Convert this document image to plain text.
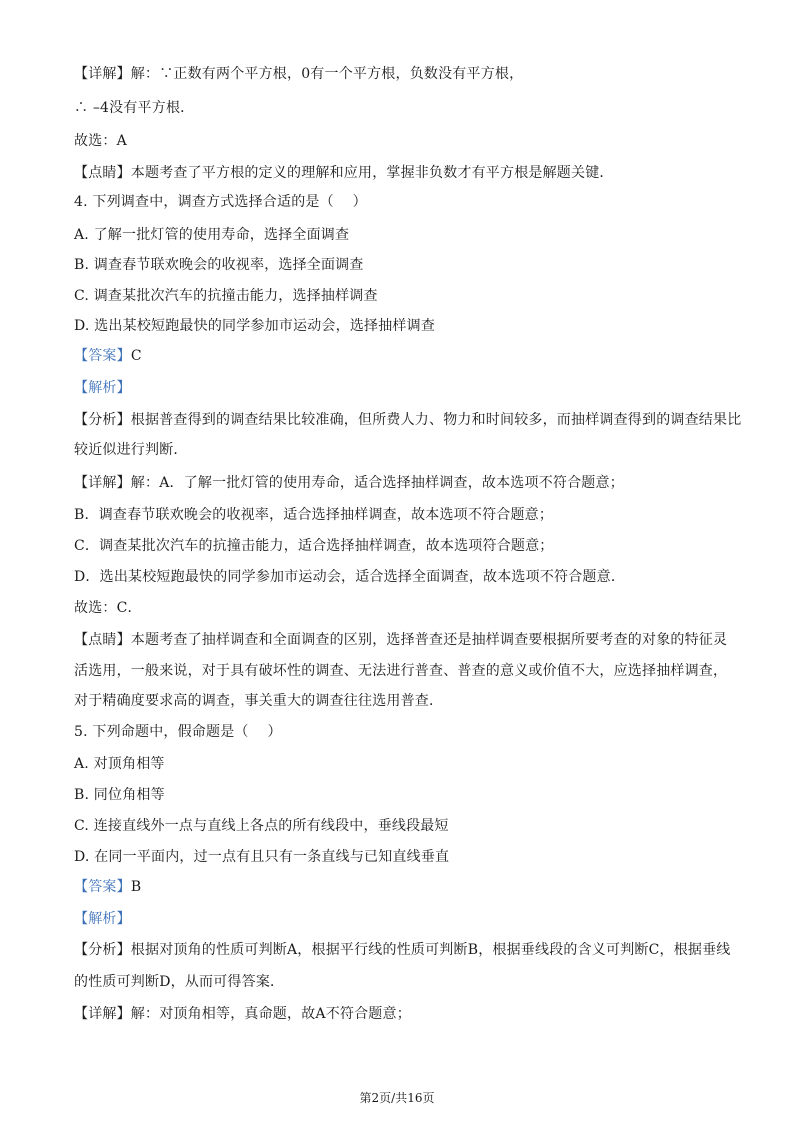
【详解】解：∵正数有两个平方根，0有一个平方根，负数没有平方根，
∴ –4没有平方根．
故选：A
【点睛】本题考查了平方根的定义的理解和应用，掌握非负数才有平方根是解题关键．
4. 下列调查中，调查方式选择合适的是（　 ）
A. 了解一批灯管的使用寿命，选择全面调查
B. 调查春节联欢晚会的收视率，选择全面调查
C. 调查某批次汽车的抗撞击能力，选择抽样调查
D. 选出某校短跑最快的同学参加市运动会，选择抽样调查
【答案】C
【解析】
【分析】根据普查得到的调查结果比较准确，但所费人力、物力和时间较多，而抽样调查得到的调查结果比
较近似进行判断．
【详解】解：A．了解一批灯管的使用寿命，适合选择抽样调查，故本选项不符合题意；
B．调查春节联欢晚会的收视率，适合选择抽样调查，故本选项不符合题意；
C．调查某批次汽车的抗撞击能力，适合选择抽样调查，故本选项符合题意；
D．选出某校短跑最快的同学参加市运动会，适合选择全面调查，故本选项不符合题意．
故选：C．
【点睛】本题考查了抽样调查和全面调查的区别，选择普查还是抽样调查要根据所要考查的对象的特征灵
活选用，一般来说，对于具有破坏性的调查、无法进行普查、普查的意义或价值不大，应选择抽样调查，
对于精确度要求高的调查，事关重大的调查往往选用普查．
5. 下列命题中，假命题是（　 ）
A. 对顶角相等
B. 同位角相等
C. 连接直线外一点与直线上各点的所有线段中，垂线段最短
D. 在同一平面内，过一点有且只有一条直线与已知直线垂直
【答案】B
【解析】
【分析】根据对顶角的性质可判断A，根据平行线的性质可判断B，根据垂线段的含义可判断C，根据垂线
的性质可判断D，从而可得答案．
【详解】解：对顶角相等，真命题，故A不符合题意；
第2页/共16页
